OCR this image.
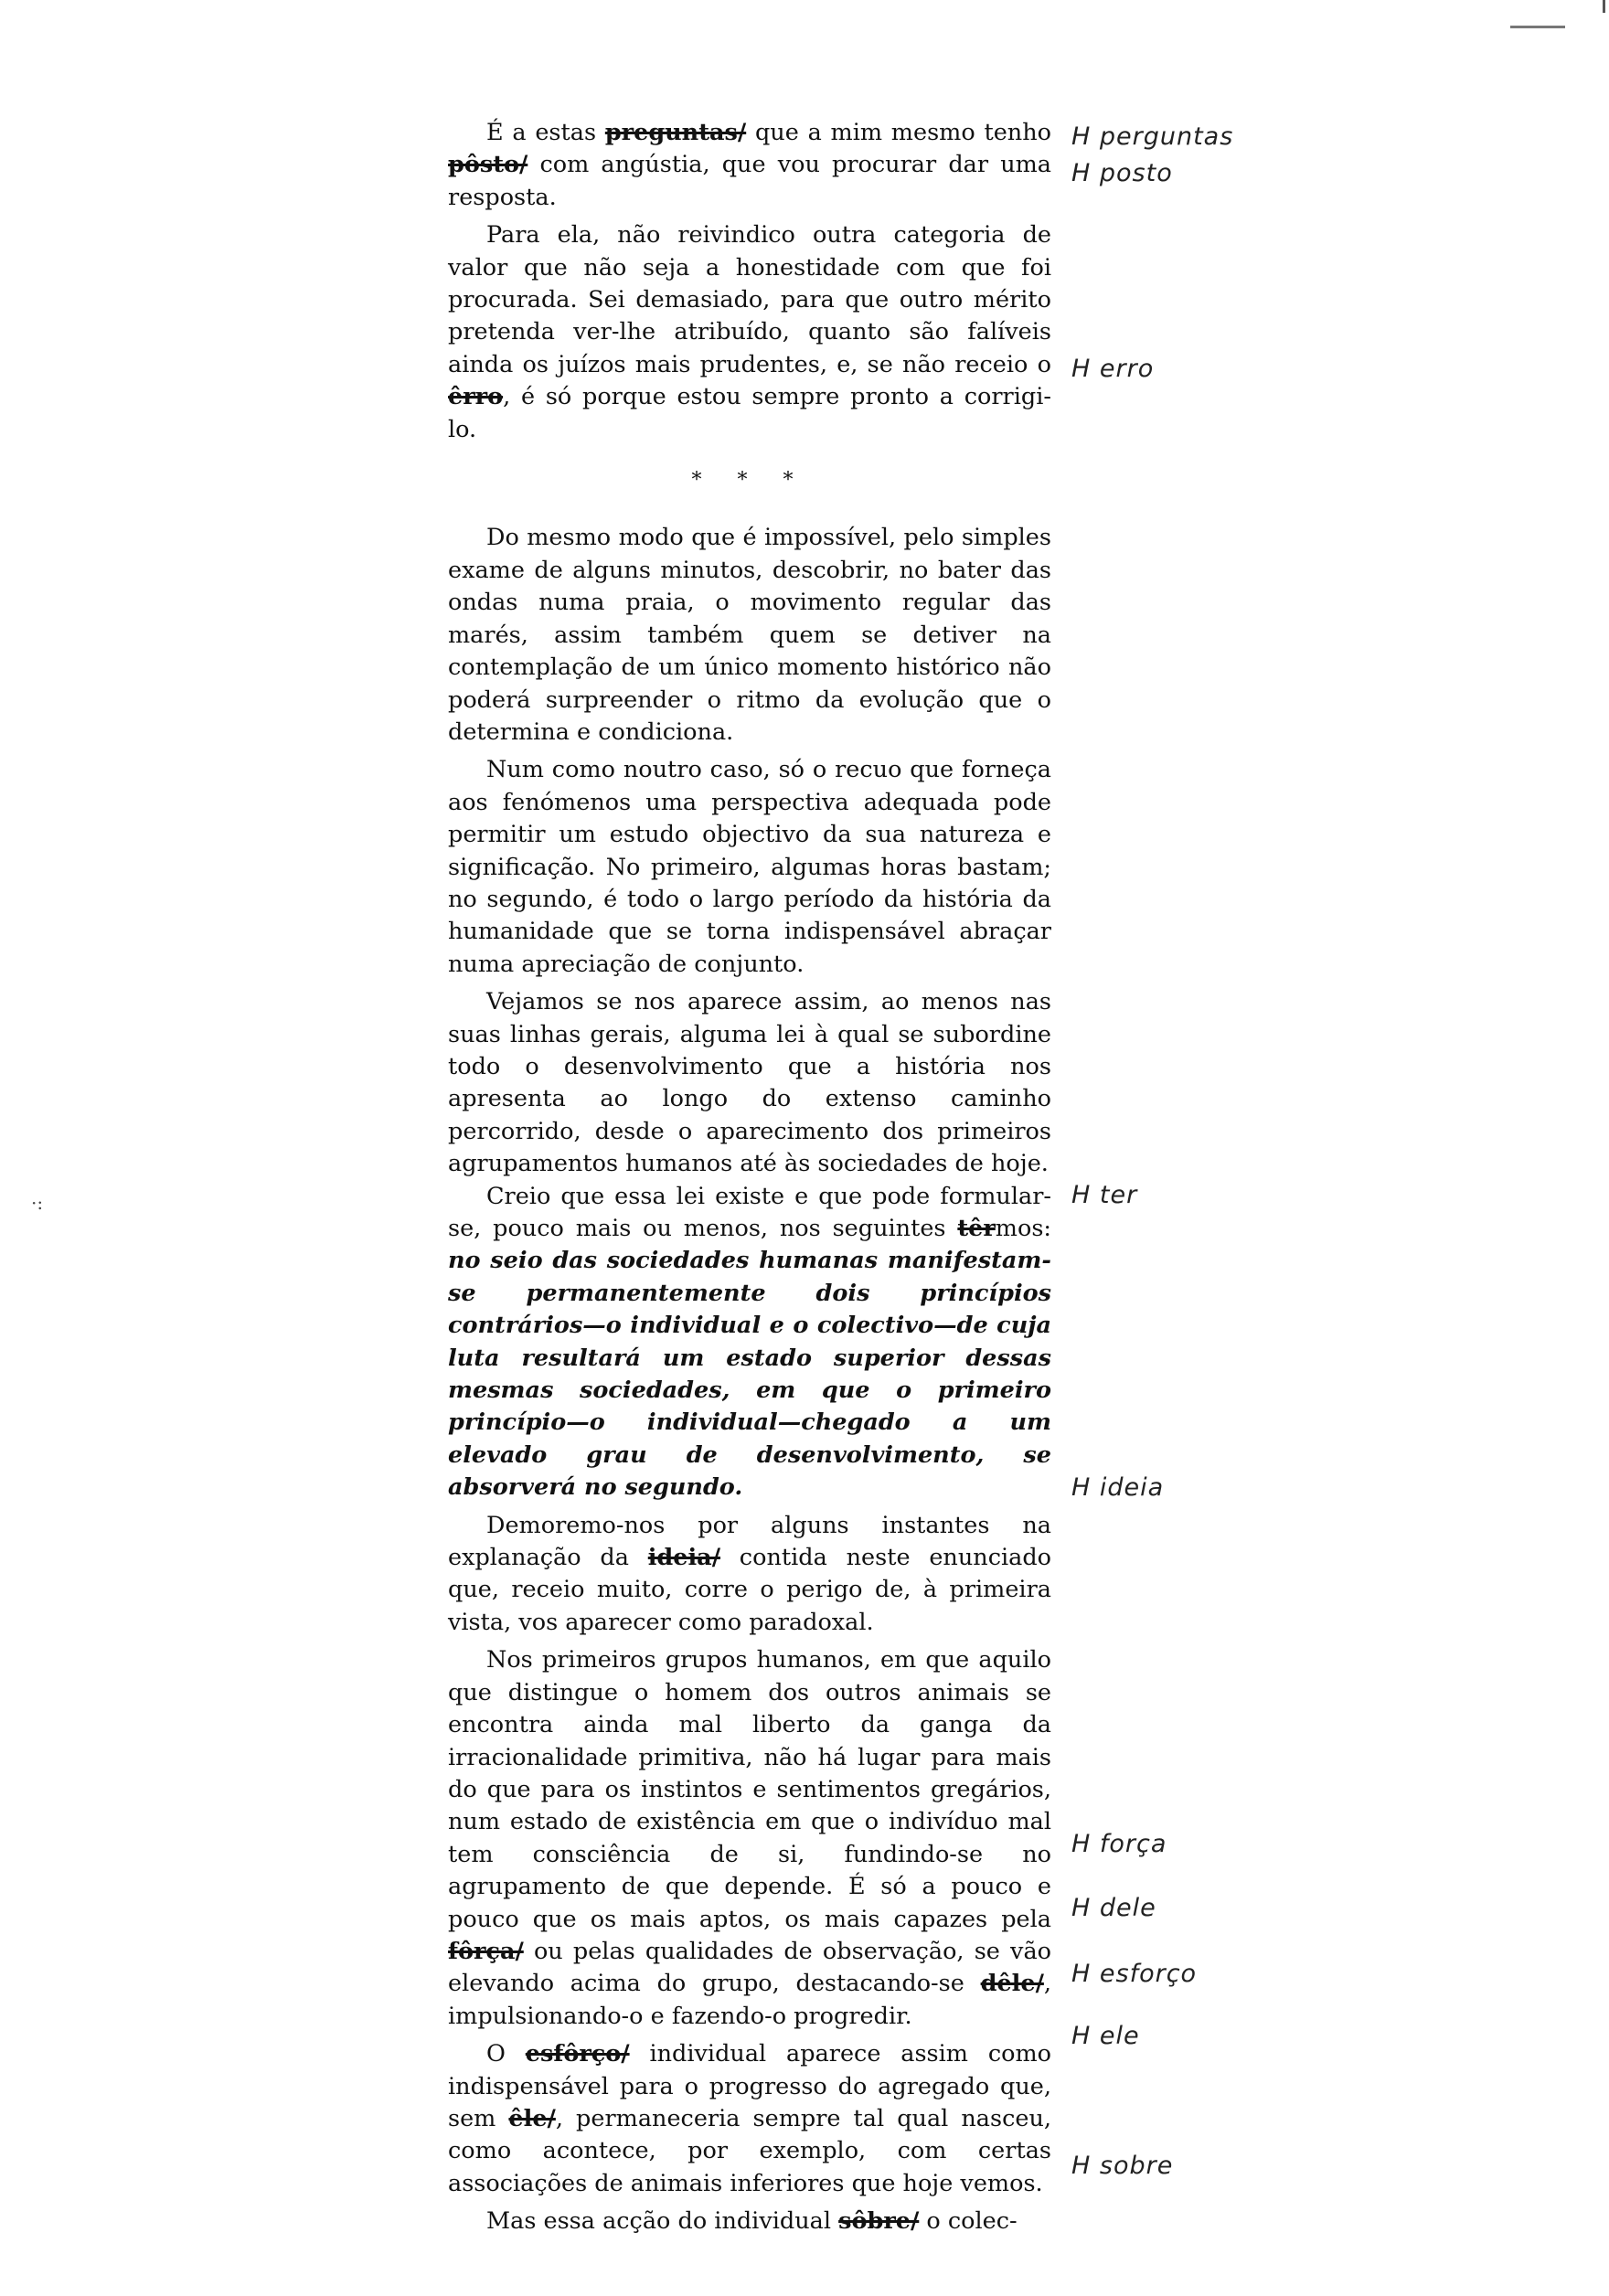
·:

É a estas preguntas/ que a mim mesmo tenho pôsto/ com angústia, que vou procurar dar uma resposta.

Para ela, não reivindico outra categoria de valor que não seja a honestidade com que foi procurada. Sei demasiado, para que outro mérito pretenda ver-lhe atribuído, quanto são falíveis ainda os juízos mais prudentes, e, se não receio o êrro, é só porque estou sempre pronto a corrigi-lo.

* * *

Do mesmo modo que é impossível, pelo simples exame de alguns minutos, descobrir, no bater das ondas numa praia, o movimento regular das marés, assim também quem se detiver na contemplação de um único momento histórico não poderá surpreender o ritmo da evolução que o determina e condiciona.

Num como noutro caso, só o recuo que forneça aos fenómenos uma perspectiva adequada pode permitir um estudo objectivo da sua natureza e significação. No primeiro, algumas horas bastam; no segundo, é todo o largo período da história da humanidade que se torna indispensável abraçar numa apreciação de conjunto.

Vejamos se nos aparece assim, ao menos nas suas linhas gerais, alguma lei à qual se subordine todo o desenvolvimento que a história nos apresenta ao longo do extenso caminho percorrido, desde o aparecimento dos primeiros agrupamentos humanos até às sociedades de hoje.

Creio que essa lei existe e que pode formular-se, pouco mais ou menos, nos seguintes têrmos: no seio das sociedades humanas manifestam-se permanentemente dois princípios contrários—o individual e o colectivo—de cuja luta resultará um estado superior dessas mesmas sociedades, em que o primeiro princípio—o individual—chegado a um elevado grau de desenvolvimento, se absorverá no segundo.

Demoremo-nos por alguns instantes na explanação da ideia/ contida neste enunciado que, receio muito, corre o perigo de, à primeira vista, vos aparecer como paradoxal.

Nos primeiros grupos humanos, em que aquilo que distingue o homem dos outros animais se encontra ainda mal liberto da ganga da irracionalidade primitiva, não há lugar para mais do que para os instintos e sentimentos gregários, num estado de existência em que o indivíduo mal tem consciência de si, fundindo-se no agrupamento de que depende. É só a pouco e pouco que os mais aptos, os mais capazes pela fôrça/ ou pelas qualidades de observação, se vão elevando acima do grupo, destacando-se dêle/, impulsionando-o e fazendo-o progredir.

O esfôrço/ individual aparece assim como indispensável para o progresso do agregado que, sem êle/, permaneceria sempre tal qual nasceu, como acontece, por exemplo, com certas associações de animais inferiores que hoje vemos.

Mas essa acção do individual sôbre/ o colec-

H perguntas
H posto
H erro
H ter
H ideia
H força
H dele
H esforço
H ele
H sobre
